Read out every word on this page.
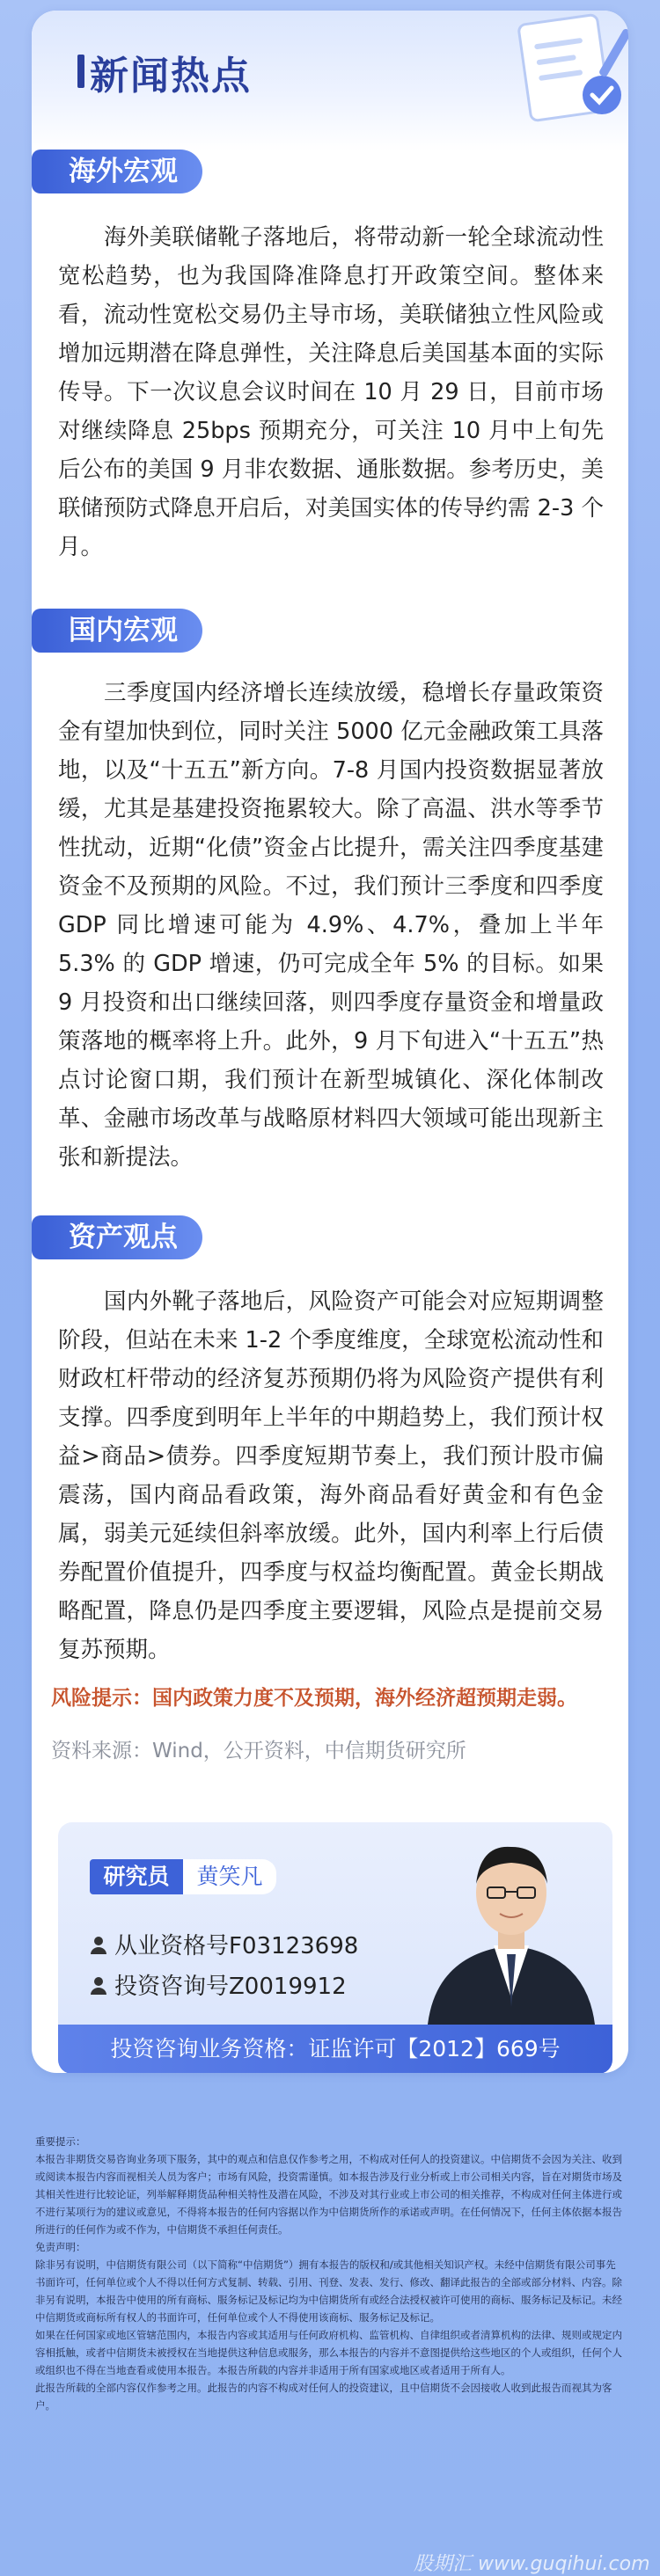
新闻热点
海外宏观
海外美联储靴子落地后，将带动新一轮全球流动性宽松趋势，也为我国降准降息打开政策空间。整体来看，流动性宽松交易仍主导市场，美联储独立性风险或增加远期潜在降息弹性，关注降息后美国基本面的实际传导。下一次议息会议时间在 10 月 29 日，目前市场对继续降息 25bps 预期充分，可关注 10 月中上旬先后公布的美国 9 月非农数据、通胀数据。参考历史，美联储预防式降息开启后，对美国实体的传导约需 2-3 个月。
国内宏观
三季度国内经济增长连续放缓，稳增长存量政策资金有望加快到位，同时关注 5000 亿元金融政策工具落地，以及“十五五”新方向。7-8 月国内投资数据显著放缓，尤其是基建投资拖累较大。除了高温、洪水等季节性扰动，近期“化债”资金占比提升，需关注四季度基建资金不及预期的风险。不过，我们预计三季度和四季度 GDP 同比增速可能为 4.9%、4.7%，叠加上半年 5.3% 的 GDP 增速，仍可完成全年 5% 的目标。如果 9 月投资和出口继续回落，则四季度存量资金和增量政策落地的概率将上升。此外，9 月下旬进入“十五五”热点讨论窗口期，我们预计在新型城镇化、深化体制改革、金融市场改革与战略原材料四大领域可能出现新主张和新提法。
资产观点
国内外靴子落地后，风险资产可能会对应短期调整阶段，但站在未来 1-2 个季度维度，全球宽松流动性和财政杠杆带动的经济复苏预期仍将为风险资产提供有利支撑。四季度到明年上半年的中期趋势上，我们预计权益>商品>债券。四季度短期节奏上，我们预计股市偏震荡，国内商品看政策，海外商品看好黄金和有色金属，弱美元延续但斜率放缓。此外，国内利率上行后债券配置价值提升，四季度与权益均衡配置。黄金长期战略配置，降息仍是四季度主要逻辑，风险点是提前交易复苏预期。
风险提示：国内政策力度不及预期，海外经济超预期走弱。
资料来源：Wind，公开资料，中信期货研究所
研究员	黄笑凡
从业资格号F03123698
投资咨询号Z0019912
投资咨询业务资格：证监许可【2012】669号

重要提示：

本报告非期货交易咨询业务项下服务，其中的观点和信息仅作参考之用，不构成对任何人的投资建议。中信期货不会因为关注、收到或阅读本报告内容而视相关人员为客户；市场有风险，投资需谨慎。如本报告涉及行业分析或上市公司相关内容，旨在对期货市场及其相关性进行比较论证，列举解释期货品种相关特性及潜在风险，不涉及对其行业或上市公司的相关推荐，不构成对任何主体进行或不进行某项行为的建议或意见，不得将本报告的任何内容据以作为中信期货所作的承诺或声明。在任何情况下，任何主体依据本报告所进行的任何作为或不作为，中信期货不承担任何责任。

免责声明：

除非另有说明，中信期货有限公司（以下简称“中信期货”）拥有本报告的版权和/或其他相关知识产权。未经中信期货有限公司事先书面许可，任何单位或个人不得以任何方式复制、转载、引用、刊登、发表、发行、修改、翻译此报告的全部或部分材料、内容。除非另有说明，本报告中使用的所有商标、服务标记及标记均为中信期货所有或经合法授权被许可使用的商标、服务标记及标记。未经中信期货或商标所有权人的书面许可，任何单位或个人不得使用该商标、服务标记及标记。

如果在任何国家或地区管辖范围内，本报告内容或其适用与任何政府机构、监管机构、自律组织或者清算机构的法律、规则或规定内容相抵触，或者中信期货未被授权在当地提供这种信息或服务，那么本报告的内容并不意图提供给这些地区的个人或组织，任何个人或组织也不得在当地查看或使用本报告。本报告所载的内容并非适用于所有国家或地区或者适用于所有人。

此报告所载的全部内容仅作参考之用。此报告的内容不构成对任何人的投资建议，且中信期货不会因接收人收到此报告而视其为客户。

股期汇 www.guqihui.com
